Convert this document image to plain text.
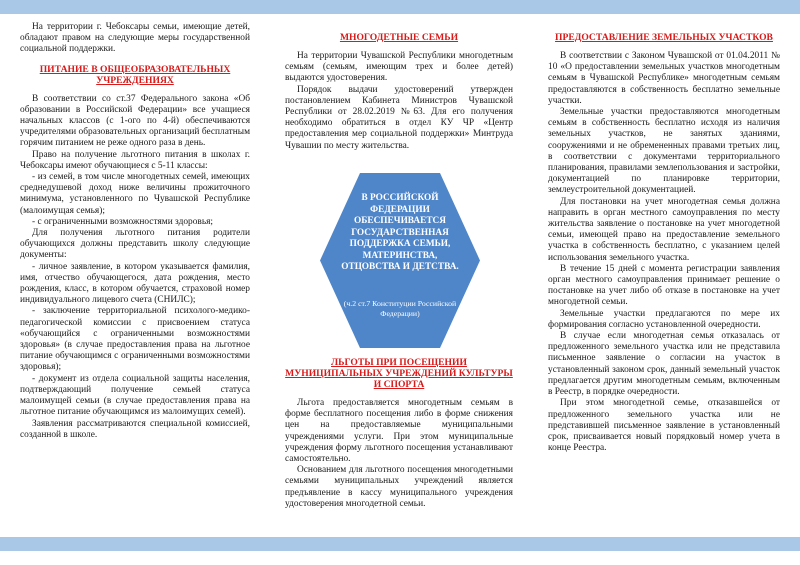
На территории г. Чебоксары семьи, имеющие детей, обладают правом на следующие меры государственной социальной поддержки.

ПИТАНИЕ В ОБЩЕОБРАЗОВАТЕЛЬНЫХ УЧРЕЖДЕНИЯХ

В соответствии со ст.37 Федерального закона «Об образовании в Российской Федерации» все учащиеся начальных классов (с 1-ого по 4-й) обеспечиваются учредителями образовательных организаций бесплатным горячим питанием не реже одного раза в день.

Право на получение льготного питания в школах г. Чебоксары имеют обучающиеся с 5-11 классы:

- из семей, в том числе многодетных семей, имеющих среднедушевой доход ниже величины прожиточного минимума, установленного по Чувашской Республике (малоимущая семья);

- с ограниченными возможностями здоровья;

Для получения льготного питания родители обучающихся должны представить школу следующие документы:

- личное заявление, в котором указывается фамилия, имя, отчество обучающегося, дата рождения, место рождения, класс, в котором обучается, страховой номер индивидуального лицевого счета (СНИЛС);

- заключение территориальной психолого-медико-педагогической комиссии с присвоением статуса «обучающийся с ограниченными возможностями здоровья» (в случае предоставления права на льготное питание обучающимся с ограниченными возможностями здоровья);

- документ из отдела социальной защиты населения, подтверждающий получение семьей статуса малоимущей семьи (в случае предоставления права на льготное питание обучающимся из малоимущих семей).

Заявления рассматриваются специальной комиссией, созданной в школе.

МНОГОДЕТНЫЕ СЕМЬИ

На территории Чувашской Республики многодетным семьям (семьям, имеющим трех и более детей) выдаются удостоверения.

Порядок выдачи удостоверений утвержден постановлением Кабинета Министров Чувашской Республики от 28.02.2019 №63. Для его получения необходимо обратиться в отдел КУ ЧР «Центр предоставления мер социальной поддержки» Минтруда Чувашии по месту жительства.

ЛЬГОТЫ ПРИ ПОСЕЩЕНИИ МУНИЦИПАЛЬНЫХ УЧРЕЖДЕНИЙ КУЛЬТУРЫ И СПОРТА

Льгота предоставляется многодетным семьям в форме бесплатного посещения либо в форме снижения цен на предоставляемые муниципальными учреждениями услуги. При этом муниципальные учреждения форму льготного посещения устанавливают самостоятельно.

Основанием для льготного посещения многодетными семьями муниципальных учреждений является предъявление в кассу муниципального учреждения удостоверения многодетной семьи.

В РОССИЙСКОЙ ФЕДЕРАЦИИ ОБЕСПЕЧИВАЕТСЯ ГОСУДАРСТВЕННАЯ ПОДДЕРЖКА СЕМЬИ, МАТЕРИНСТВА, ОТЦОВСТВА И ДЕТСТВА.
(ч.2 ст.7 Конституции Российской Федерации)
ПРЕДОСТАВЛЕНИЕ ЗЕМЕЛЬНЫХ УЧАСТКОВ

В соответствии с Законом Чувашской от 01.04.2011 № 10 «О предоставлении земельных участков многодетным семьям в Чувашской Республике» многодетным семьям предоставляются в собственность бесплатно земельные участки.

Земельные участки предоставляются многодетным семьям в собственность бесплатно исходя из наличия земельных участков, не занятых зданиями, сооружениями и не обремененных правами третьих лиц, в соответствии с документами территориального планирования, правилами землепользования и застройки, документацией по планировке территории, землеустроительной документацией.

Для постановки на учет многодетная семья должна направить в орган местного самоуправления по месту жительства заявление о постановке на учет многодетной семьи, имеющей право на предоставление земельного участка в собственность бесплатно, с указанием целей использования земельного участка.

В течение 15 дней с момента регистрации заявления орган местного самоуправления принимает решение о постановке на учет либо об отказе в постановке на учет многодетной семьи.

Земельные участки предлагаются по мере их формирования согласно установленной очередности.

В случае если многодетная семья отказалась от предложенного земельного участка или не представила письменное заявление о согласии на участок в установленный законом срок, данный земельный участок предлагается другим многодетным семьям, включенным в Реестр, в порядке очередности.

При этом многодетной семье, отказавшейся от предложенного земельного участка или не представившей письменное заявление в установленный срок, присваивается новый порядковый номер учета в конце Реестра.
